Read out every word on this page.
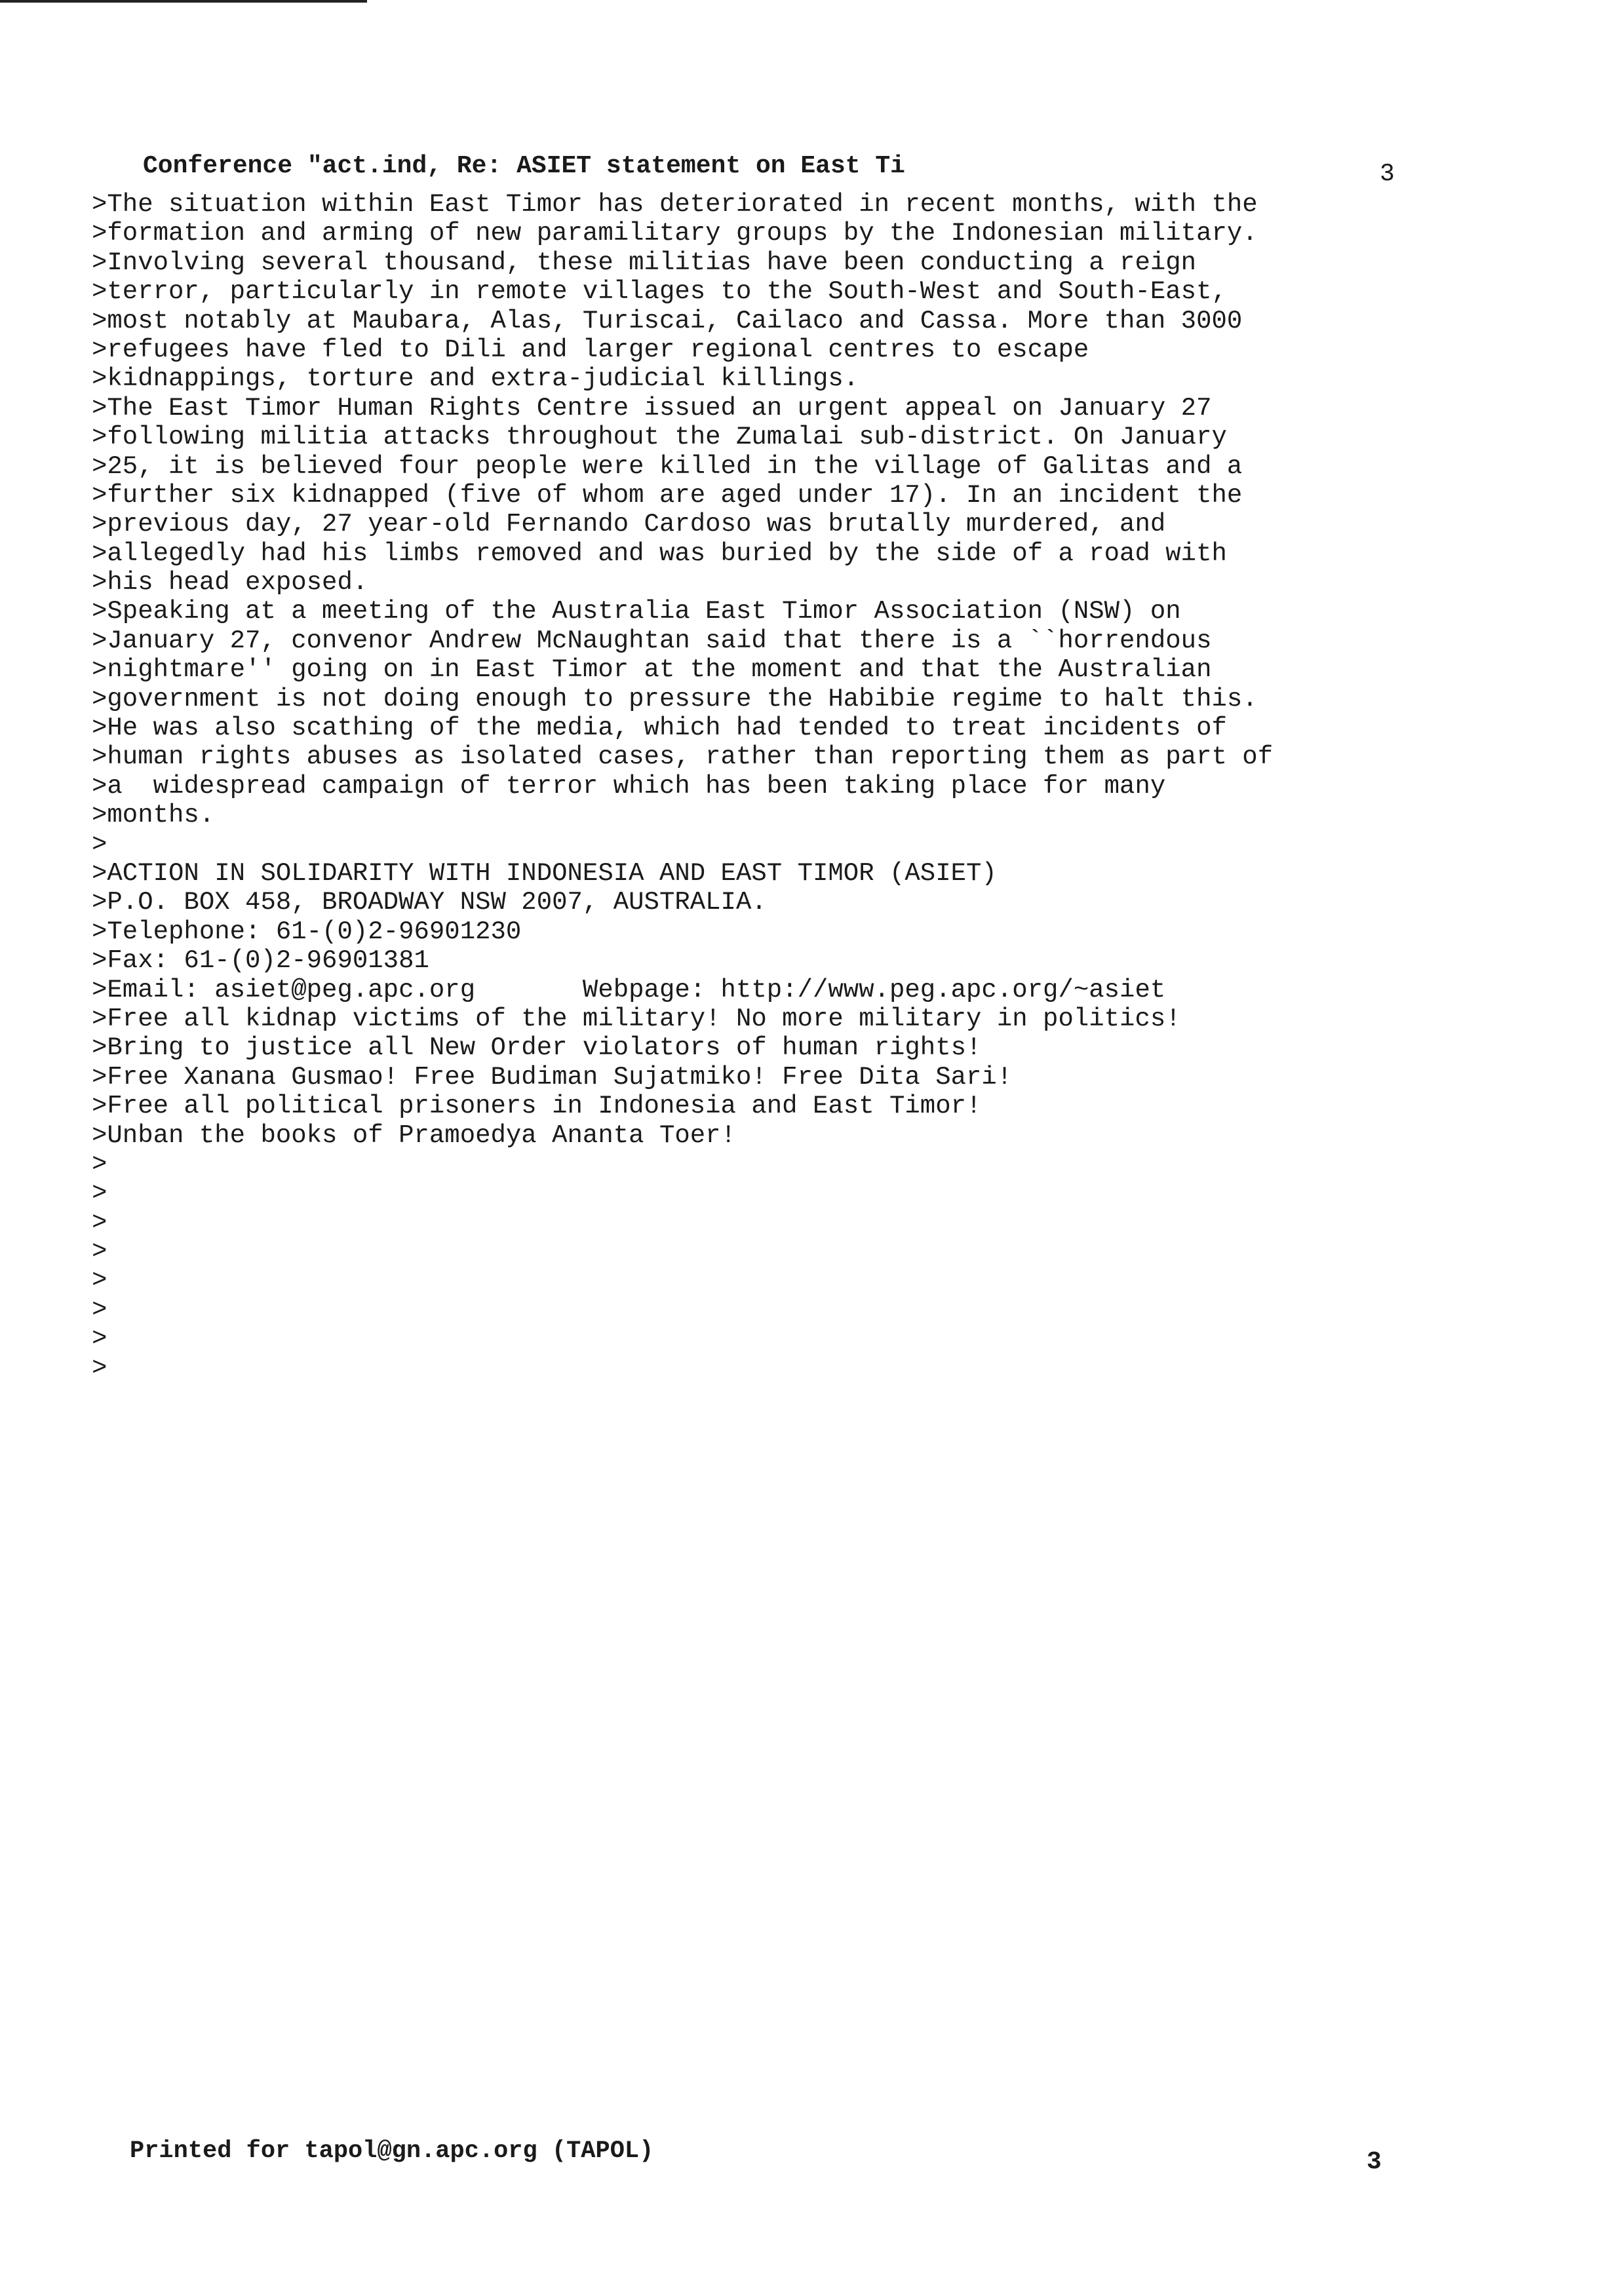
Conference "act.ind, Re: ASIET statement on East Ti	3
>The situation within East Timor has deteriorated in recent months, with the
>formation and arming of new paramilitary groups by the Indonesian military.
>Involving several thousand, these militias have been conducting a reign
>terror, particularly in remote villages to the South-West and South-East,
>most notably at Maubara, Alas, Turiscai, Cailaco and Cassa. More than 3000
>refugees have fled to Dili and larger regional centres to escape
>kidnappings, torture and extra-judicial killings.
>The East Timor Human Rights Centre issued an urgent appeal on January 27
>following militia attacks throughout the Zumalai sub-district. On January
>25, it is believed four people were killed in the village of Galitas and a
>further six kidnapped (five of whom are aged under 17). In an incident the
>previous day, 27 year-old Fernando Cardoso was brutally murdered, and
>allegedly had his limbs removed and was buried by the side of a road with
>his head exposed.
>Speaking at a meeting of the Australia East Timor Association (NSW) on
>January 27, convenor Andrew McNaughtan said that there is a ``horrendous
>nightmare'' going on in East Timor at the moment and that the Australian
>government is not doing enough to pressure the Habibie regime to halt this.
>He was also scathing of the media, which had tended to treat incidents of
>human rights abuses as isolated cases, rather than reporting them as part of
>a  widespread campaign of terror which has been taking place for many
>months.
>
>ACTION IN SOLIDARITY WITH INDONESIA AND EAST TIMOR (ASIET)
>P.O. BOX 458, BROADWAY NSW 2007, AUSTRALIA.
>Telephone: 61-(0)2-96901230
>Fax: 61-(0)2-96901381
>Email: asiet@peg.apc.org       Webpage: http://www.peg.apc.org/~asiet
>Free all kidnap victims of the military! No more military in politics!
>Bring to justice all New Order violators of human rights!
>Free Xanana Gusmao! Free Budiman Sujatmiko! Free Dita Sari!
>Free all political prisoners in Indonesia and East Timor!
>Unban the books of Pramoedya Ananta Toer!
>
>
>
>
>
>
>
>
Printed for tapol@gn.apc.org (TAPOL)	3
